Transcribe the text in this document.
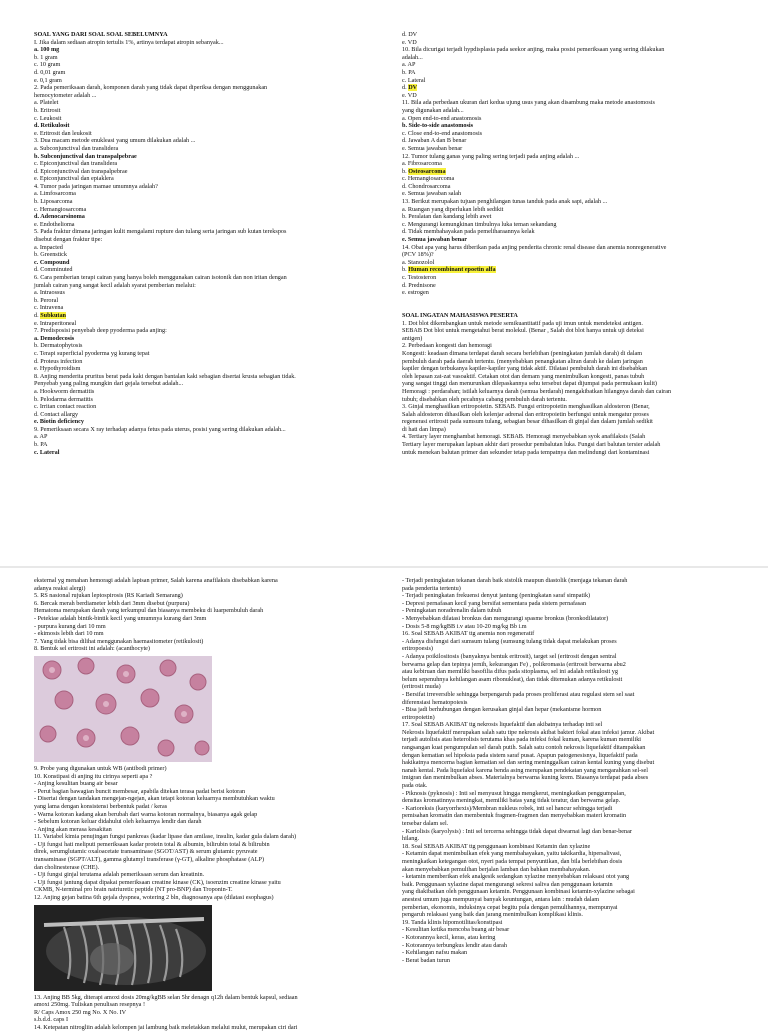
SOAL YANG DARI SOAL SOAL SEBELUMNYA
I. Jika dalam sediaan atropin tertulis 1%, artinya terdapat atropin sebanyak...
a. 100 mg
b. 1 gram
c. 10 gram
d. 0,01 gram
e. 0,1 gram
2. Pada pemeriksaan darah, komponen darah yang tidak dapat diperiksa dengan menggunakan
hemocytometer adalah ...
a. Platelet
b. Eritrosit
c. Leukosit
d. Retikulosit
e. Eritrosit dan leukosit
3. Dua macam metode enukleasi yang umum dilakukan adalah ...
a. Subconjunctival dan translidera
b. Subconjunctival dan transpalpebrae
c. Epiconjunctival dan translidera
d. Epiconjunctival dan transpalpebrae
e. Epiconjunctival dan epiaklera
4. Tumor pada jaringan mamae umumnya adalah?
a. Limfosarcoma
b. Liposarcoma
c. Hemangiosarcoma
d. Adenocarsinoma
e. Endothelioma
5. Pada fraktur dimana jaringan kulit mengalami rupture dan tulang serta jaringan sub kutan terekspos
disebut dengan fraktur tipe:
a. Impacted
b. Greenstick
c. Compound
d. Comminuted
6. Cara pemberian terapi cairan yang hanya boleh menggunakan cairan isotonik dan non iritan dengan
jumlah cairan yang sangat kecil adalah syarat pemberian melalui:
a. Intraossus
b. Peroral
c. Intravena
d. Subkutan
e. Intraperitoneal
7. Predisposisi penyebab deep pyoderma pada anjing:
a. Demodecosis
b. Dermatophytosis
c. Terapi superficial pyoderma yg kurang tepat
d. Proteus infection
e. Hypothyroidism
8. Anjing menderita pruritus berat pada kaki dengan bantalan kaki sebagian disertai krusta sebagian tidak.
Penyebab yang paling mungkin dari gejala tersebut adalah...
a. Hookworm dermatitis
b. Pelodarma dermatitis
c. Irritan contact reaction
d. Contact allargy
e. Biotin deficiency
9. Pemeriksaan secara X ray terhadap adanya fetus pada uterus, posisi yang sering dilakukan adalah...
a. AP
b. PA
c. Lateral
d. DV
e. VD
10. Bila dicurigai terjadi hypdisplasia pada seekor anjing, maka posisi pemeriksaan yang sering dilakukan
adalah...
a. AP
b. PA
c. Lateral
d. DV
e. VD
11. Bila ada perbedaan ukuran dari kedua ujung usus yang akan disambung maka metode anastomosis
yang digunakan adalah...
a. Open end-to-end anastomosis
b. Side-to-side anastomosis
c. Close end-to-end anastomosis
d. Jawaban A dan B benar
e. Semua jawaban benar
12. Tumor tulang ganas yang paling sering terjadi pada anjing adalah ...
a. Fibrosarcoma
b. Osteosarcoma
c. Hemangiosarcoma
d. Chondrosarcoma
e. Semua jawaban salah
13. Berikut merupakan tujuan penghilangan tunas tanduk pada anak sapi, adalah ...
a. Ruangan yang diperlukan lebih sedikit
b. Peralatan dan kandang lebih awet
c. Mengurangi kemungkinan timbulnya luka teman sekandang
d. Tidak membahayakan pada pemeliharaannya kelak
e. Semua jawaban benar
14. Obat apa yang harus diberikan pada anjing penderita chronic renal disease dan anemia nonregenerative
(PCV 18%)?
a. Stanozolol
b. Human recombinant epoetin alfa
c. Testosteron
d. Prednisone
e. estrogen

SOAL INGATAN MAHASISWA PESERTA
1. Dot blot dikembangkan untuk metode semikuantitatif pada uji imun untuk mendeteksi antigen.
SEBAB Dot blot untuk mengetahui berat molekul. (Benar , Salah dot blot hanya untuk uji deteksi
antigen)
2. Perbedaan kongesti dan hemoragi
Kongesti: keadaan dimana terdapat darah secara berlebihan (peningkatan jumlah darah) di dalam
pembuluh darah pada daerah tertentu. (menyebabkan penangkatan aliran darah ke dalam jaringan
kapiler dengan terbukanya kapiler-kapiler yang tidak aktif. Dilatasi pembuluh darah ini disebabkan
oleh lepasan zat-zat vasoaktif. Cetakan otot dan demam yang menimbulkan kongesti, panas tubuh
yang sangat tinggi dan menurunkan dilepaskannya sehu tersebut dapat dijumpai pada permukaan kulit)
Hemoragi : perdarahan; istilah keluarnya darah (semua berdarah) mengakibatkan hilangnya darah dan cairan
tubuh; disebabkan oleh pecahnya cabang pembuluh darah tertentu.
3. Ginjal menghasilkan eritropoietin. SEBAB. Fungsi eritropoietin menghasilkan aldosteron (Benar,
Salah aldosteron dihasilkan oleh kelenjar adrenal dan eritropoietin berfungsi untuk mengatur proses
regenerasi eritrosit pada sumsum tulang, sebagian besar dihasilkan di ginjal dan dalam jumlah sedikit
di hati dan limpa)
4. Tertiary layer menghambat hemoragi. SEBAB. Hemoragi menyebabkan syok anafilaksis (Salah
Tertiary layer merupakan lapisan akhir dari prosedur pembalutan luka. Fungsi dari balutan tersier adalah
untuk menekan balutan primer dan sekunder tetap pada tempatnya dan melindungi dari kontaminasi
eksternal yg menahan hemoragi adalah lapisan primer, Salah karena anafilaksis disebabkan karena
adanya reaksi alergi)
5. RS nasional rujukan leptospirosis (RS Kariadi Semarang)
6. Bercak merah berdiameter lebih dari 3mm disebut (purpura)
Hematoma merupakan darah yang terkumpul dan biasanya membeku di luarpembuluh darah
- Petekiae adalah bintik-bintik kecil yang umumnya kurang dari 3mm
- purpura kurang dari 10 mm
- ekimosis lebih dari 10 mm
7. Yang tidak bisa dilihat menggunakan haemasitometer (retikulosit)
8. Bentuk sel eritrosit ini adalah: (acanthocyte)
9. Probe yang digunakan untuk WB (antibodi primer)
10. Konstipasi di anjing itu cirinya seperti apa ?
- Anjing kesulitan buang air besar
- Perut bagian bawagian buncit membesar, apabila ditekan terasa padat berisi kotoran
- Disertai dengan tandakan mengejan-ngejan, akan tetapi kotoran keluarnya membutuhkan waktu
yang lama dengan konsistensi berbentuk padat / keras
- Warna kotoran kadang akan berubah dari warna kotoran normalnya, biasanya agak gelap
- Sebelum kotoran keluar didahului oleh keluarnya lendir dan darah
- Anjing akan merasa kesakitan
11. Variabel kimia penujingan fungsi pankreas (kadar lipase dan amilase, insulin, kadar gula dalam darah)
- Uji fungsi hati meliputi pemeriksaan kadar protein total & albumin, bilirubin total & bilirubin
direk, serumglutamic oxaloacetate transaminase (SGOT/AST) & serum glutamic pyruvate
transaminase (SGPT/ALT), gamma glutamyl transferase (γ-GT), alkaline phosphatase (ALP)
dan cholinesterase (CHE).
- Uji fungsi ginjal terutama adalah pemeriksaan serum dan kreatinin.
- Uji fungsi jantung dapat dipakai pemeriksaan creatine kinase (CK), isoenzim creatine kinase yaitu
CKMB, N-terminal pro brain natriuretic peptide (NT pro-BNP) dan Troponin-T.
12. Anjing gejan batina 6th gejala dyspnea, wotering 2 bln, diagnosanya apa (dilatasi esophagus)
13. Anjing BB 5kg, diterapi amoxi dosis 20mg/kgBB selan 5hr denagn q12h dalam bentuk kapsul, sediaan
amoxi 250mg. Tuliskan penulisan resepnya !
R/ Caps Amox 250 mg No. X No. IV
s.b.d.d. caps I
14. Ketepatan nitrogliin adalah kelompen jai lambung baik meletakkan melalui mulut, merupakan ciri dari
- Terjadi peningkatan tekanan darah baik sistolik maupun diastolik (menjaga tekanan darah
pada penderita tertentu)
- Terjadi peningkatan frekuensi denyut jantung (peningkatan saraf simpatik)
- Depresi pernafasan kecil yang bersifat sementara pada sistem pernafasan
- Peningkatan noradrenalin dalam tubuh
- Menyebabkan dilatasi bronkus dan mengurangi spasme bronkus (bronkodilatator)
- Dosis 5-8 mg/kgBB i.v atau 10-20 mg/kg Bb i.m
16. Soal SEBAB AKIBAT ttg anemia non regeneratif
- Adanya disfungsi dari sumsum tulang (sumsung tulang tidak dapat melakukan proses
eritropoesis)
- Adanya poikilositosis (banyaknya bentuk eritrosit), target sel (eritrosit dengan sentral
berwarna gelap dan tepinya jernih, kekurangan Fe) , polikromasia (eritrosit berwarna abu2
atau kebiruan dan memiliki basofilia difus pada sitoplasma, sel ini adalah retikulosit yg
belum sepenuhnya kehilangan asam ribonukleat), dan tidak ditemukan adanya retikulosit
(eritrosit muda)
- Bersifat irreversible sehingga berpengaruh pada proses proliferasi atau regulasi stem sel saat
diferensiasi hematopoiesis
- Bisa jadi berhubungan dengan kerusakan ginjal dan hepar (mekanisme hormon
eritropoietin)
17. Soal SEBAB AKIBAT ttg nekrosis liquefaktif dan akibatnya terhadap inti sel
Nekrosis liquefaktif merupakan salah satu tipe nekrosis akibat bakteri fokal atau infeksi jamur. Akibat
terjadi autolisis atau heterolisis terutama khas pada infeksi fokal kuman, karena kuman memiliki
rangsangan kuat pengumpulan sel darah putih. Salah satu contoh nekrosis liquefaktif ditampakkan
dengan kematian sel hipoksia pada sistem saraf pusat. Apapun patogenesisnya, liquefaktif pada
hakikatnya mencerna bagian kematian sel dan sering meninggalkan cairan kental kuning yang disebut
nanah kental. Pada liquefaksi karena benda asing merupakan pendekatan yang mengarahkan sel-sel
imigran dan menimbulkan abses. Materialnya berwarna kuning krem. Biasanya terdapat pada abses
pada otak.
- Piknosis (pyknosis) : Inti sel menyusut hingga mengkerut, meningkatkan penggumpalan,
densitas kromatinnya meningkat, memiliki batas yang tidak teratur, dan berwarna gelap.
- Karioreksis (karyorrhexis)/Membran nukleus robek, inti sel hancur sehingga terjadi
pemisahan kromatin dan membentuk fragmen-fragmen dan menyebabkan materi kromatin
tersebar dalam sel.
- Kariolisis (karyolysis) : Inti sel tercerna sehingga tidak dapat diwarnai lagi dan benar-benar
hilang.
18. Soal SEBAB AKIBAT ttg penggunaan kombinasi Ketamin dan xylazine
- Ketamin dapat menimbulkan efek yang membahayakan, yaitu takikardia, hipersalivasi,
meningkatkan ketegangan otot, nyeri pada tempat penyuntikan, dan bila berlebihan dosis
akan menyebabkan pemulihan berjalan lamban dan bahkan membahayakan.
- ketamin memberikan efek analgesik sedangkan xylazine menyebabkan relaksasi otot yang
baik. Penggunaan xylazine dapat mengurangi sekresi saliva dan penggunaan ketamin
yang diakibatkan oleh penggunaan ketamin. Penggunaan kombinasi ketamin-xylazine sebagai
anestesi umum juga mempunyai banyak keuntungan, antara lain : mudah dalam
pemberian, ekonomis, induksinya cepat begitu pula dengan pemulihannya, mempunyai
pengaruh relaksasi yang baik dan jarang menimbulkan komplikasi klinis.
19. Tanda klinis hipomotilitas/konstipasi
- Kesulitan ketika mencoba buang air besar
- Kotorannya kecil, keras, atau kering
- Kotorannya terbungkus lendir atau darah
- Kehilangan nafsu makan
- Berat badan turun
